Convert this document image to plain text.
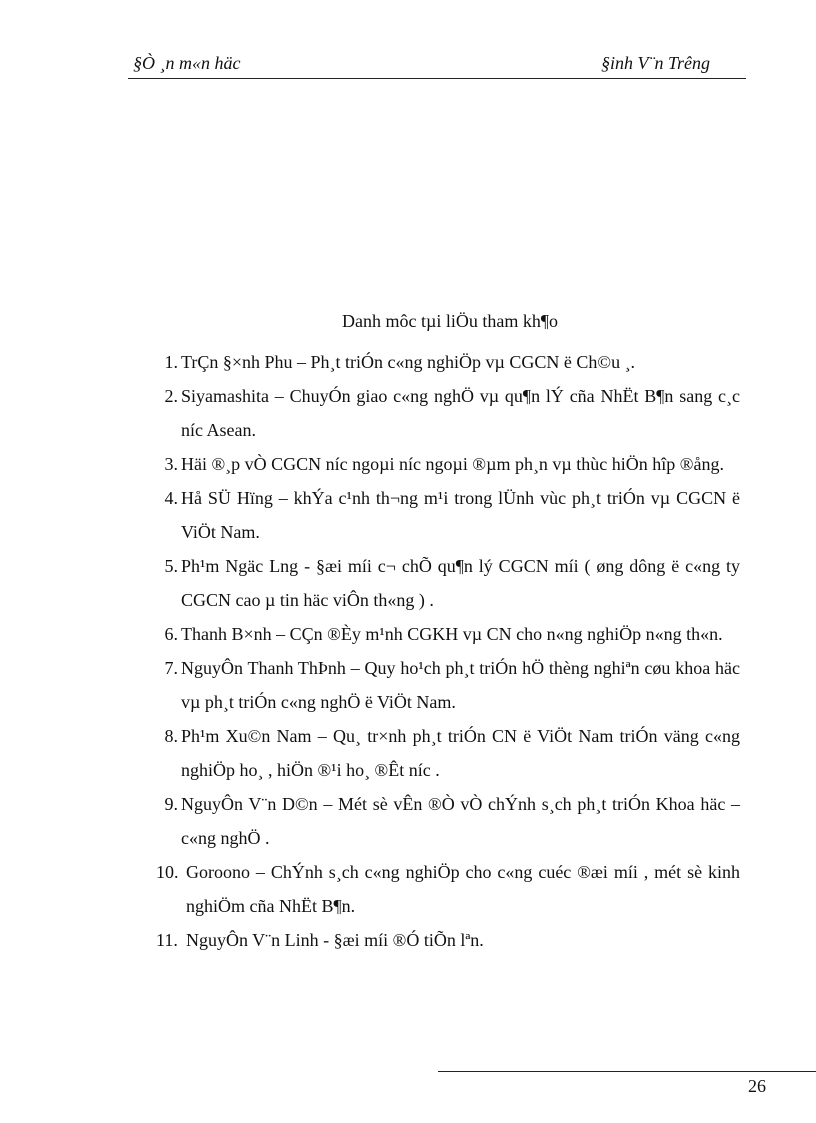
§Ò ¸n m«n häc	§inh V¨n Trêng
Danh môc tµi liÖu tham kh¶o
1 . TrÇn §×nh Phu – Ph¸t triÓn c«ng nghiÖp vµ CGCN ë Ch©u ¸.
2 . Siyamashita – ChuyÓn giao c«ng nghÖ vµ qu¶n lÝ cña NhËt B¶n sang c¸c níc Asean.
3 . Häi ®¸p vÒ CGCN níc ngoµi níc ngoµi ®µm ph¸n vµ thùc hiÖn hîp ®ång.
4 . Hå SÜ Hïng – khÝa c¹nh th¬ng m¹i trong lÜnh vùc ph¸t triÓn vµ CGCN ë ViÖt Nam.
5 . Ph¹m Ngäc Lng - §æi míi c¬ chÕ qu¶n lý CGCN míi ( øng dông ë c«ng ty CGCN cao µ tin häc viÔn th«ng ) .
6 . Thanh B×nh – CÇn ®Èy m¹nh CGKH vµ CN cho n«ng nghiÖp n«ng th«n.
7 . NguyÔn Thanh ThÞnh – Quy ho¹ch ph¸t triÓn hÖ thèng nghiªn cøu khoa häc vµ ph¸t triÓn c«ng nghÖ ë ViÖt Nam.
8 . Ph¹m Xu©n Nam – Qu¸ tr×nh ph¸t triÓn CN ë ViÖt Nam triÓn väng c«ng nghiÖp ho¸ , hiÖn ®¹i ho¸ ®Êt níc .
9 . NguyÔn V¨n D©n – Mét sè vÊn ®Ò vÒ chÝnh s¸ch ph¸t triÓn Khoa häc – c«ng nghÖ .
10 . Goroono – ChÝnh s¸ch c«ng nghiÖp cho c«ng cuéc ®æi míi , mét sè kinh nghiÖm cña NhËt B¶n.
11 . NguyÔn V¨n Linh - §æi míi ®Ó tiÕn lªn.
26
